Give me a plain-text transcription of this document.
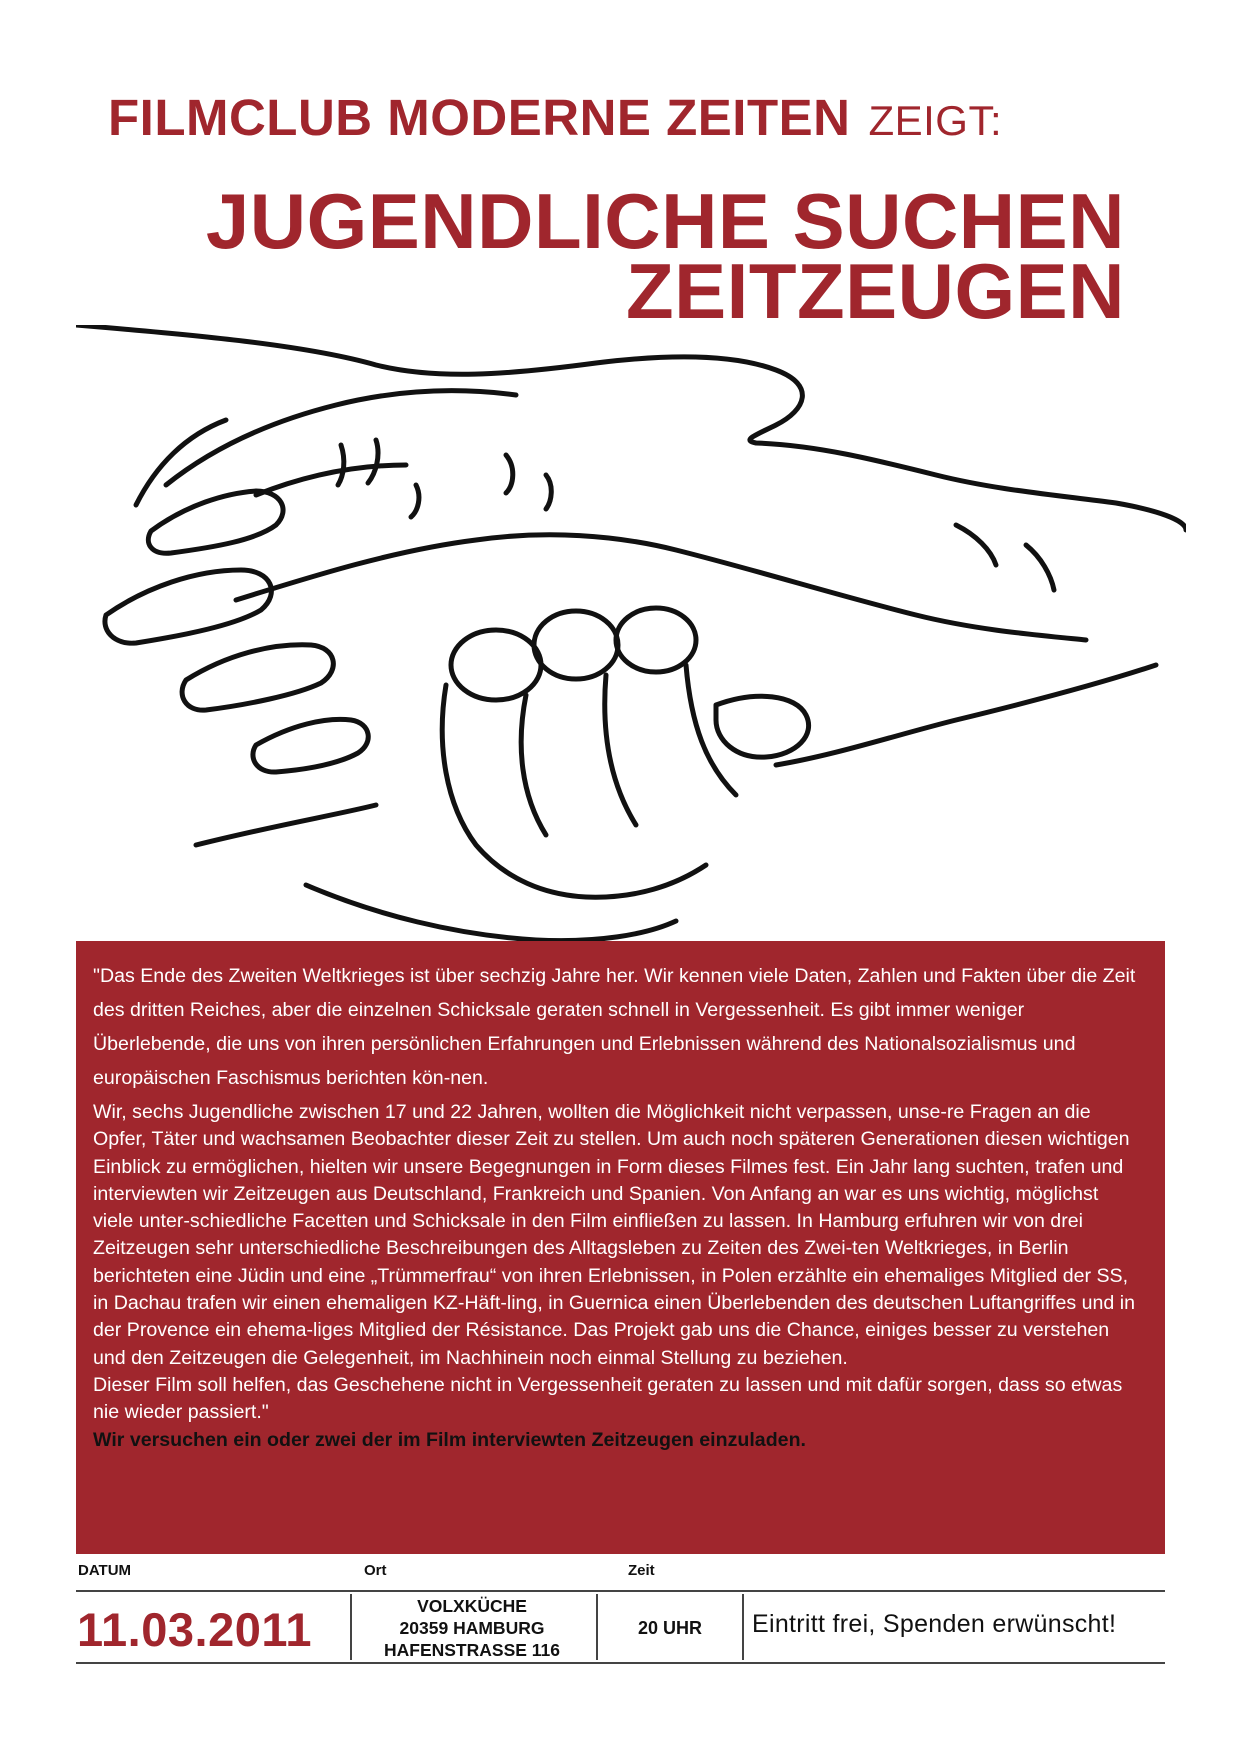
FILMCLUB MODERNE ZEITEN ZEIGT:
JUGENDLICHE SUCHEN
ZEITZEUGEN

"Das Ende des Zweiten Weltkrieges ist über sechzig Jahre her. Wir kennen viele Daten, Zahlen und Fakten über die Zeit des dritten Reiches, aber die einzelnen Schicksale geraten schnell in Vergessenheit. Es gibt immer weniger Überlebende, die uns von ihren persönlichen Erfahrungen und Erlebnissen während des Nationalsozialismus und europäischen Faschismus berichten kön-nen.

Wir, sechs Jugendliche zwischen 17 und 22 Jahren, wollten die Möglichkeit nicht verpassen, unse-re Fragen an die Opfer, Täter und wachsamen Beobachter dieser Zeit zu stellen. Um auch noch späteren Generationen diesen wichtigen Einblick zu ermöglichen, hielten wir unsere Begegnungen in Form dieses Filmes fest. Ein Jahr lang suchten, trafen und interviewten wir Zeitzeugen aus Deutschland, Frankreich und Spanien. Von Anfang an war es uns wichtig, möglichst viele unter-schiedliche Facetten und Schicksale in den Film einfließen zu lassen. In Hamburg erfuhren wir von drei Zeitzeugen sehr unterschiedliche Beschreibungen des Alltagsleben zu Zeiten des Zwei-ten Weltkrieges, in Berlin berichteten eine Jüdin und eine „Trümmerfrau“ von ihren Erlebnissen, in Polen erzählte ein ehemaliges Mitglied der SS, in Dachau trafen wir einen ehemaligen KZ-Häft-ling, in Guernica einen Überlebenden des deutschen Luftangriffes und in der Provence ein ehema-liges Mitglied der Résistance. Das Projekt gab uns die Chance, einiges besser zu verstehen und den Zeitzeugen die Gelegenheit, im Nachhinein noch einmal Stellung zu beziehen.

Dieser Film soll helfen, das Geschehene nicht in Vergessenheit geraten zu lassen und mit dafür sorgen, dass so etwas nie wieder passiert."

Wir versuchen ein oder zwei der im Film interviewten Zeitzeugen einzuladen.

DATUM	Ort	Zeit
11.03.2011	VOLXKÜCHE
20359 HAMBURG
HAFENSTRASSE 116
20 UHR	Eintritt frei, Spenden erwünscht!
